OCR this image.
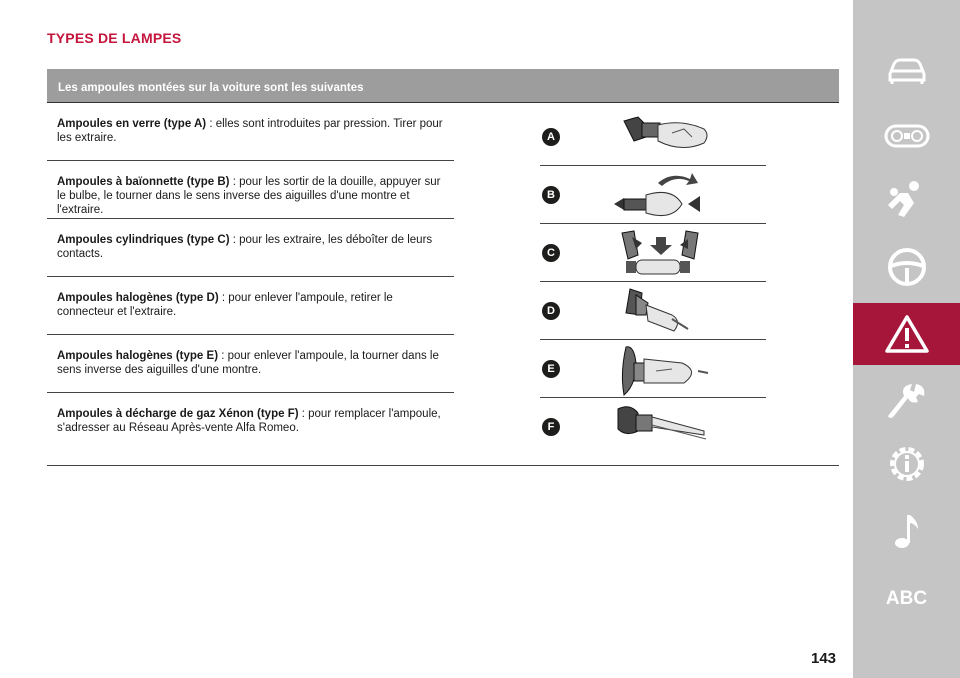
TYPES DE LAMPES
Les ampoules montées sur la voiture sont les suivantes
Ampoules en verre (type A) : elles sont introduites par pression. Tirer pour les extraire.
Ampoules à baïonnette (type B) : pour les sortir de la douille, appuyer sur le bulbe, le tourner dans le sens inverse des aiguilles d'une montre et l'extraire.
Ampoules cylindriques (type C) : pour les extraire, les déboîter de leurs contacts.
Ampoules halogènes (type D) : pour enlever l'ampoule, retirer le connecteur et l'extraire.
Ampoules halogènes (type E) : pour enlever l'ampoule, la tourner dans le sens inverse des aiguilles d'une montre.
Ampoules à décharge de gaz Xénon (type F) : pour remplacer l'ampoule, s'adresser au Réseau Après-vente Alfa Romeo.
A
B
C
D
E
F
ABC
143
